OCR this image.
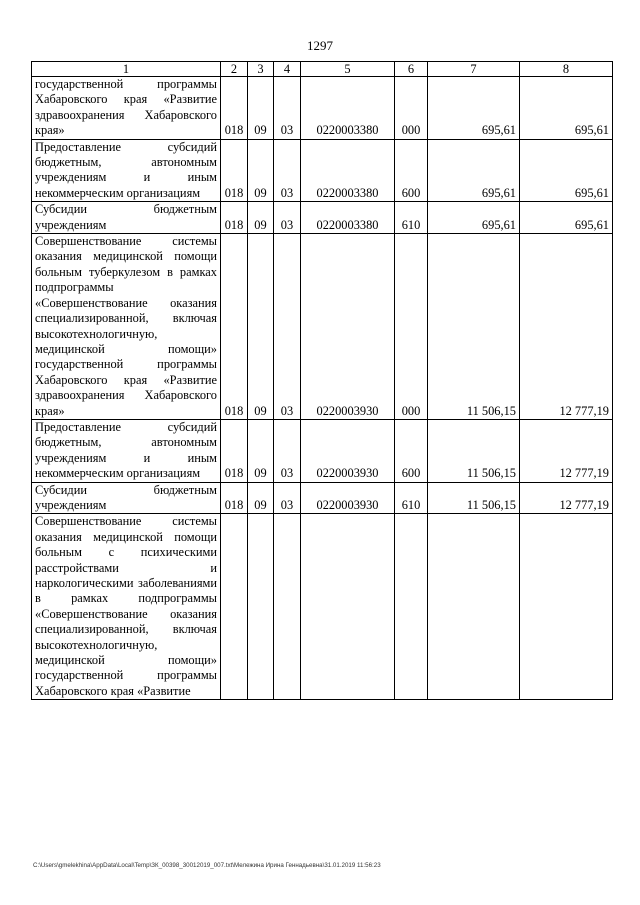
1297
1	2	3	4	5	6	7	8
государственной программы Хабаровского края «Развитие здравоохранения Хабаровского края»	018	09	03	0220003380	000	695,61	695,61
Предоставление субсидий бюджетным, автономным учреждениям и иным некоммерческим организациям	018	09	03	0220003380	600	695,61	695,61
Субсидии бюджетным учреждениям	018	09	03	0220003380	610	695,61	695,61
Совершенствование системы оказания медицинской помощи больным туберкулезом в рамках подпрограммы «Совершенствование оказания специализированной, включая высокотехнологичную, медицинской помощи» государственной программы Хабаровского края «Развитие здравоохранения Хабаровского края»	018	09	03	0220003930	000	11 506,15	12 777,19
Предоставление субсидий бюджетным, автономным учреждениям и иным некоммерческим организациям	018	09	03	0220003930	600	11 506,15	12 777,19
Субсидии бюджетным учреждениям	018	09	03	0220003930	610	11 506,15	12 777,19
Совершенствование системы оказания медицинской помощи больным с психическими расстройствами и наркологическими заболеваниями в рамках подпрограммы «Совершенствование оказания специализированной, включая высокотехнологичную, медицинской помощи» государственной программы Хабаровского края «Развитие							
C:\Users\gmelekhina\AppData\Local\Temp\ЗК_00398_30012019_007.txt\Мележина Ирина Геннадьевна\31.01.2019 11:56:23
